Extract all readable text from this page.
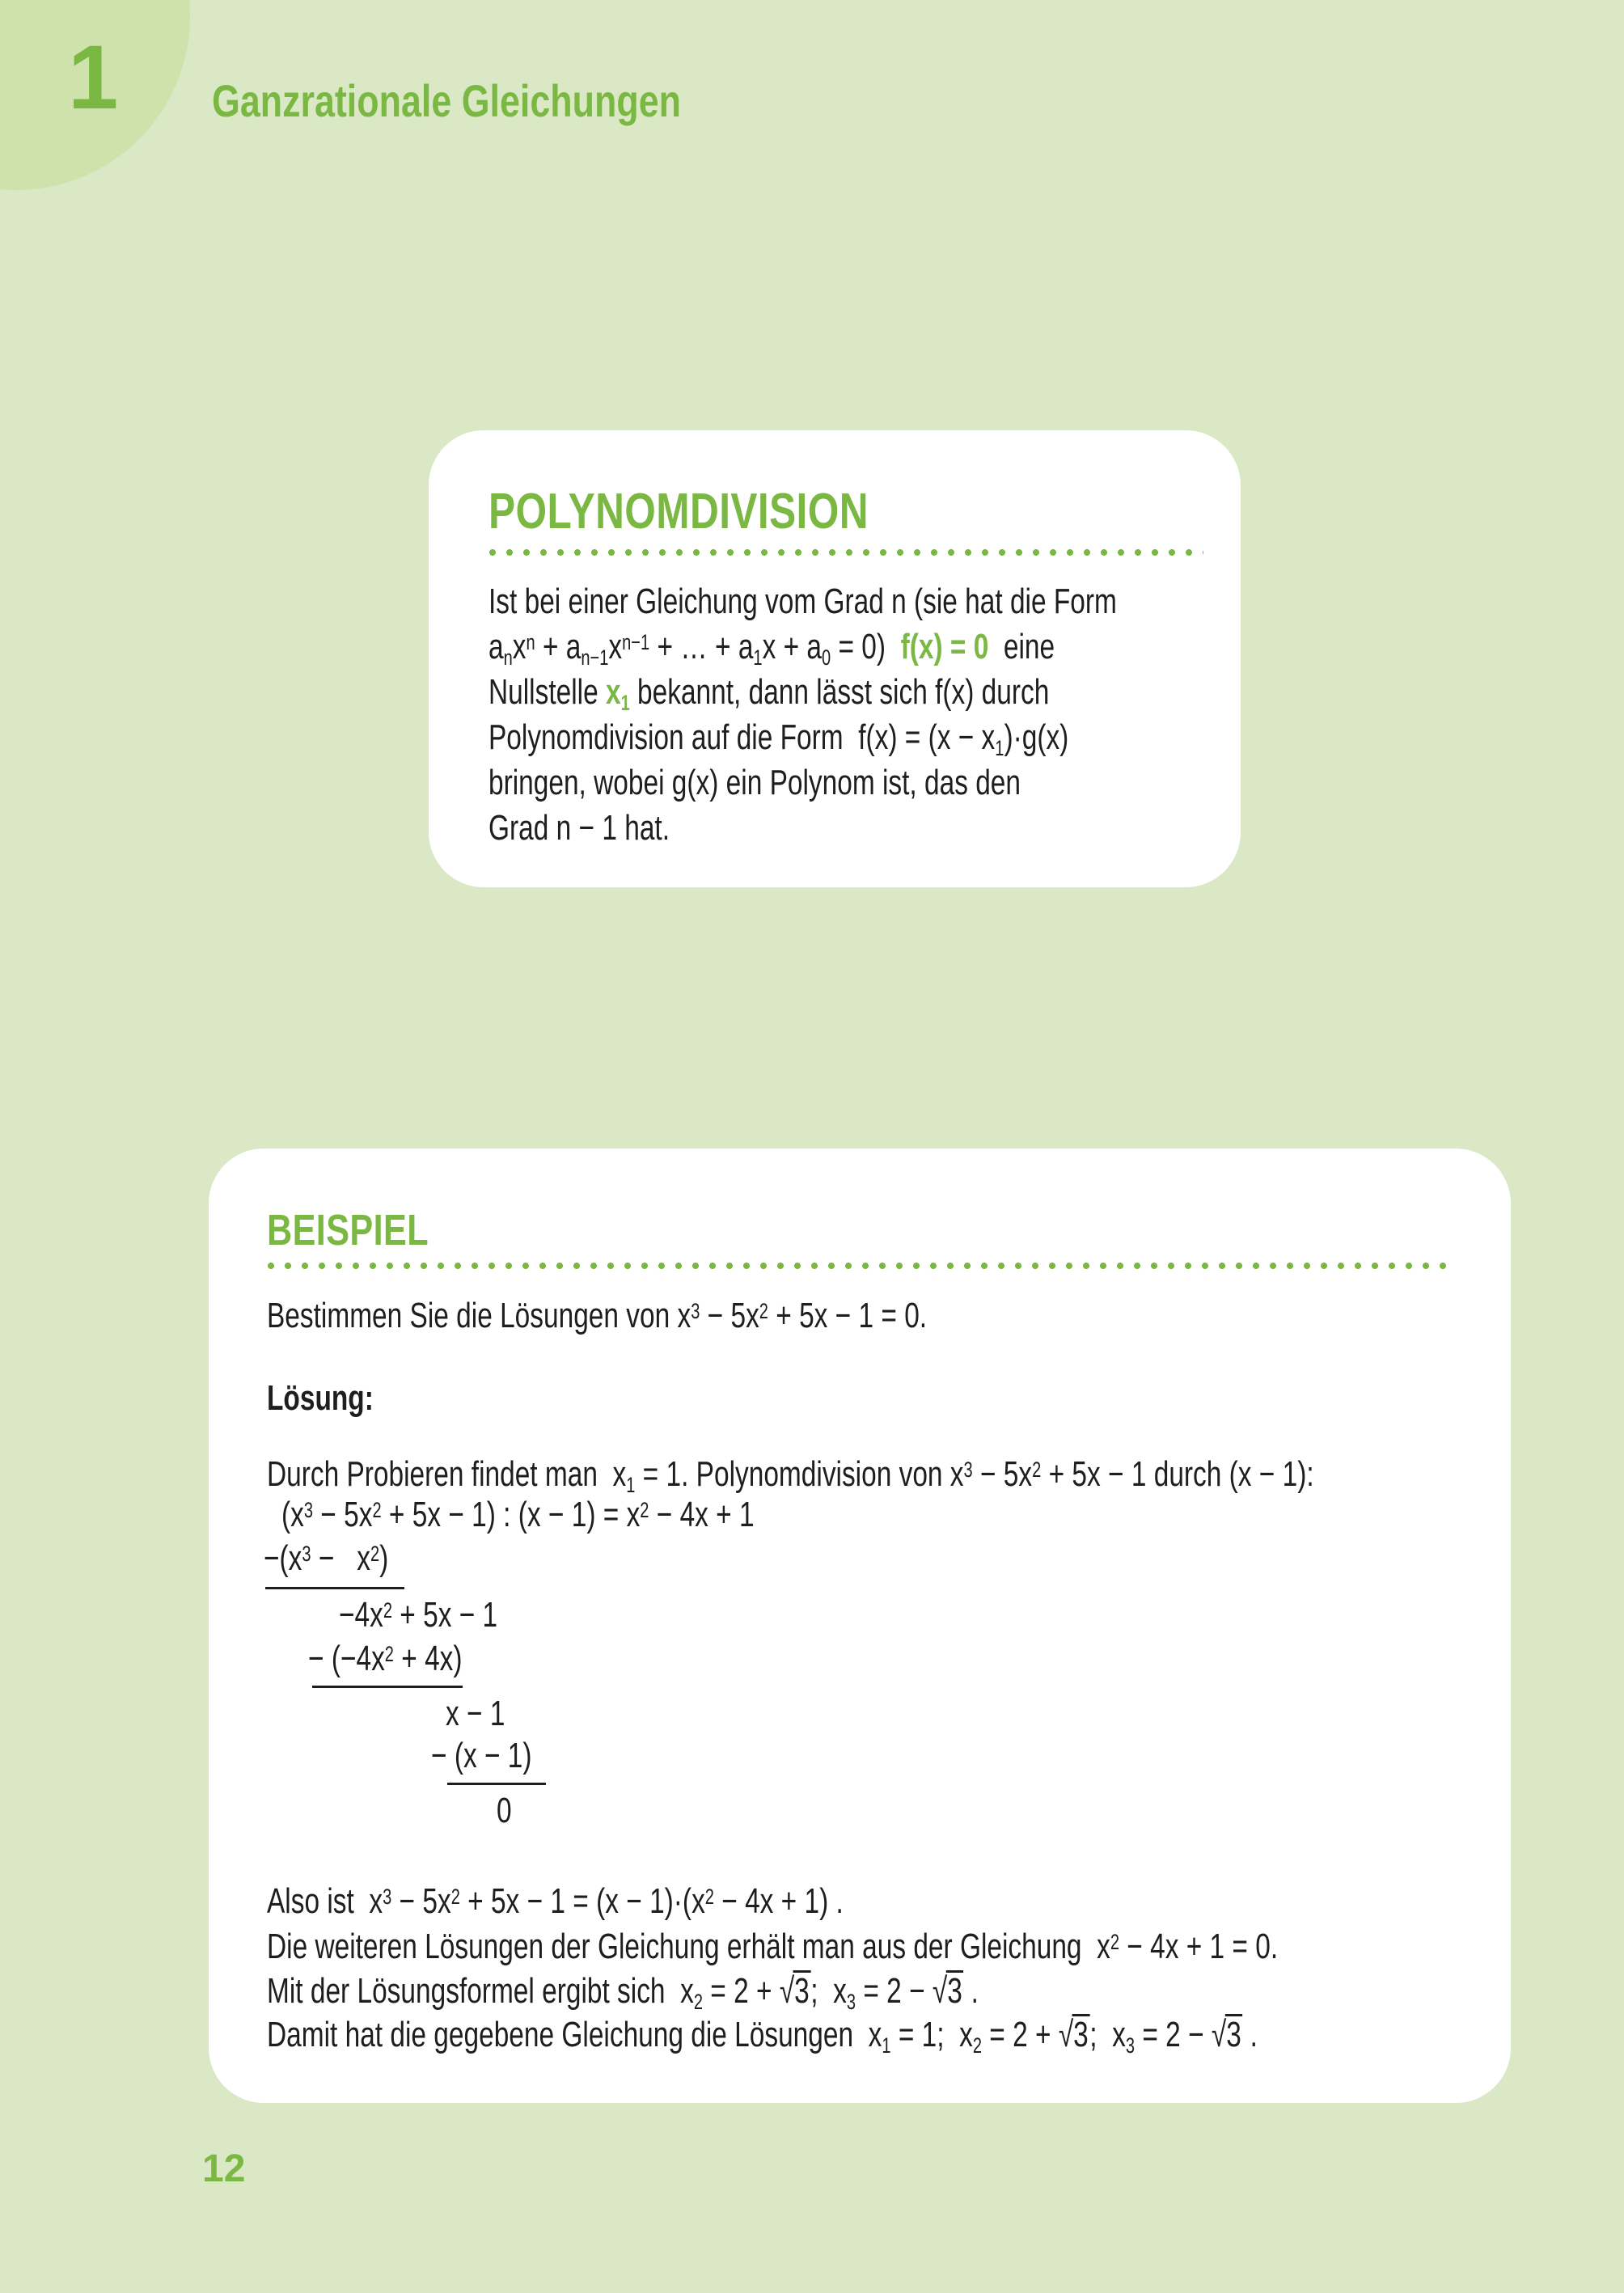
1 Ganzrationale Gleichungen
POLYNOMDIVISION
Ist bei einer Gleichung vom Grad n (sie hat die Form
$a_nx^n + a_{n-1}x^{n-1}$ + … + $a_1x + a_0 = 0$)  f(x) = 0  eine
Nullstelle $x_1$ bekannt, dann lässt sich f(x) durch
Polynomdivision auf die Form  $f(x) = (x - x_1)\cdot g(x)$
bringen, wobei g(x) ein Polynom ist, das den
Grad n − 1 hat.
BEISPIEL
Bestimmen Sie die Lösungen von $x^3 - 5x^2 + 5x - 1 = 0$.
Lösung:
Durch Probieren findet man  $x_1 = 1$. Polynomdivision von $x^3 - 5x^2 + 5x - 1$ durch (x − 1):
$(x^3 - 5x^2 + 5x - 1)$ : $(x - 1) = x^2 - 4x + 1$
$-(x^3 - x^2)$
$-4x^2 + 5x - 1$
− $(-4x^2 + 4x)$
x − 1
− (x − 1)
0
Also ist  $x^3 - 5x^2 + 5x - 1 = (x - 1)\cdot(x^2 - 4x + 1)$ .
Die weiteren Lösungen der Gleichung erhält man aus der Gleichung  $x^2 - 4x + 1 = 0$.
Mit der Lösungsformel ergibt sich  $x_2 = 2 + √3$;  $x_3 = 2 - √3$ .
Damit hat die gegebene Gleichung die Lösungen  $x_1 = 1$;  $x_2 = 2 + √3$;  $x_3 = 2 - √3$ .
12
